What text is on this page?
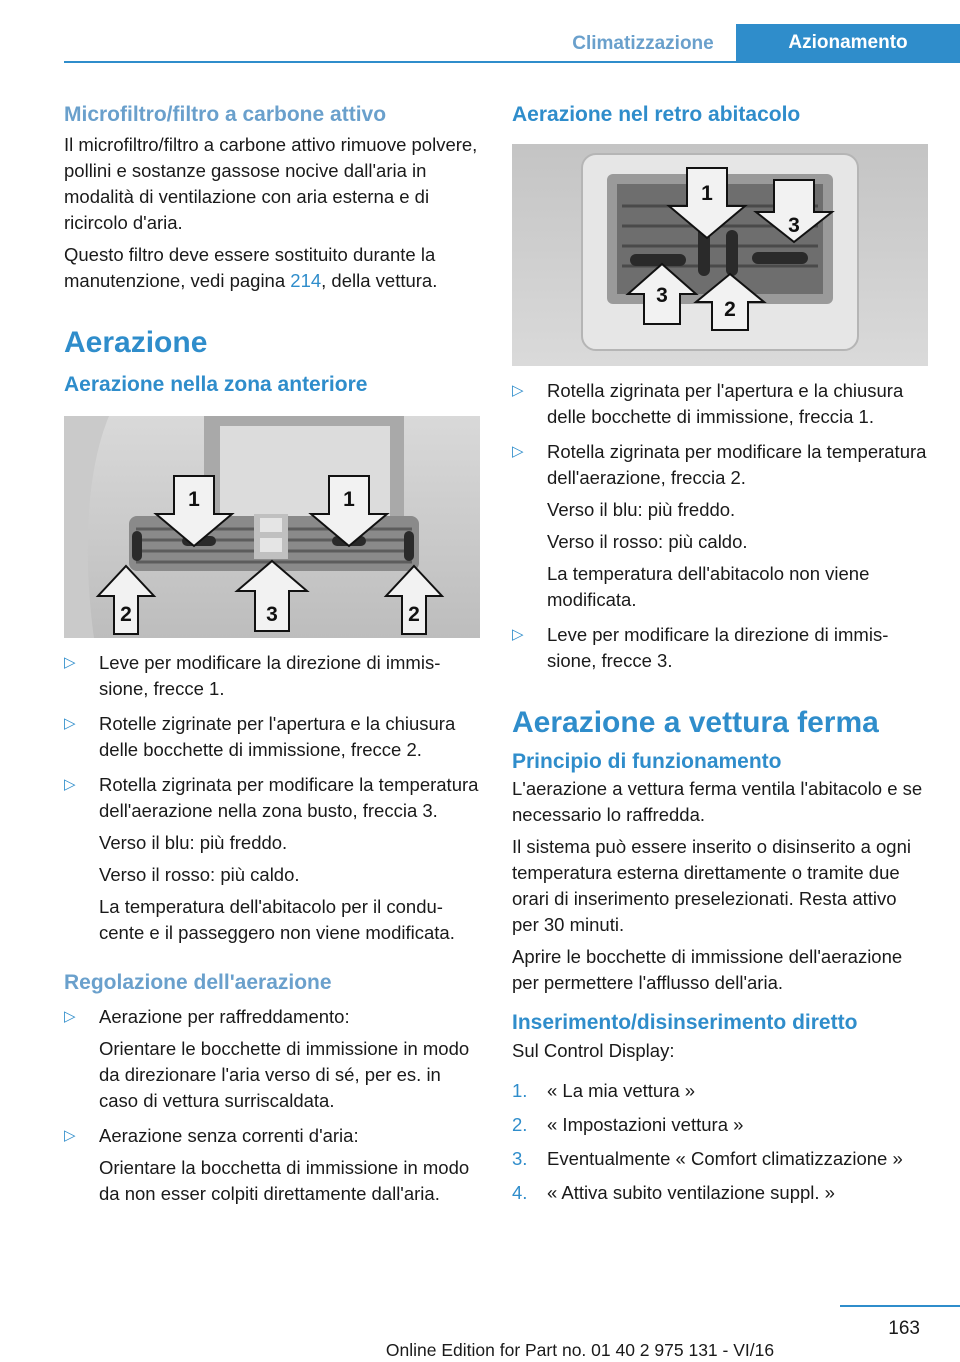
Climatizzazione	Azionamento
Microfiltro/filtro a carbone attivo

Il microfiltro/filtro a carbone attivo rimuove polvere, pollini e sostanze gassose nocive dall'aria in modalità di ventilazione con aria esterna e di ricircolo d'aria.

Questo filtro deve essere sostituito durante la manutenzione, vedi pagina 214, della vettura.

Aerazione
Aerazione nella zona anteriore
1	1
2	3	2
▷ Leve per modificare la direzione di immissione, frecce 1.
▷ Rotelle zigrinate per l'apertura e la chiusura delle bocchette di immissione, frecce 2.
▷ Rotella zigrinata per modificare la temperatura dell'aerazione nella zona busto, freccia 3.
Verso il blu: più freddo.
Verso il rosso: più caldo.
La temperatura dell'abitacolo per il conducente e il passeggero non viene modificata.
Regolazione dell'aerazione
▷ Aerazione per raffreddamento:
Orientare le bocchette di immissione in modo da direzionare l'aria verso di sé, per es. in caso di vettura surriscaldata.
▷ Aerazione senza correnti d'aria:
Orientare la bocchetta di immissione in modo da non esser colpiti direttamente dall'aria.
Aerazione nel retro abitacolo
1
3
3
2
▷ Rotella zigrinata per l'apertura e la chiusura delle bocchette di immissione, freccia 1.
▷ Rotella zigrinata per modificare la temperatura dell'aerazione, freccia 2.
Verso il blu: più freddo.
Verso il rosso: più caldo.
La temperatura dell'abitacolo non viene modificata.
▷ Leve per modificare la direzione di immissione, frecce 3.
Aerazione a vettura ferma
Principio di funzionamento

L'aerazione a vettura ferma ventila l'abitacolo e se necessario lo raffredda.

Il sistema può essere inserito o disinserito a ogni temperatura esterna direttamente o tramite due orari di inserimento preselezionati. Resta attivo per 30 minuti.

Aprire le bocchette di immissione dell'aerazione per permettere l'afflusso dell'aria.

Inserimento/disinserimento diretto

Sul Control Display:

1. « La mia vettura »
2. « Impostazioni vettura »
3. Eventualmente « Comfort climatizzazione »
4. « Attiva subito ventilazione suppl. »
163
Online Edition for Part no. 01 40 2 975 131 - VI/16
